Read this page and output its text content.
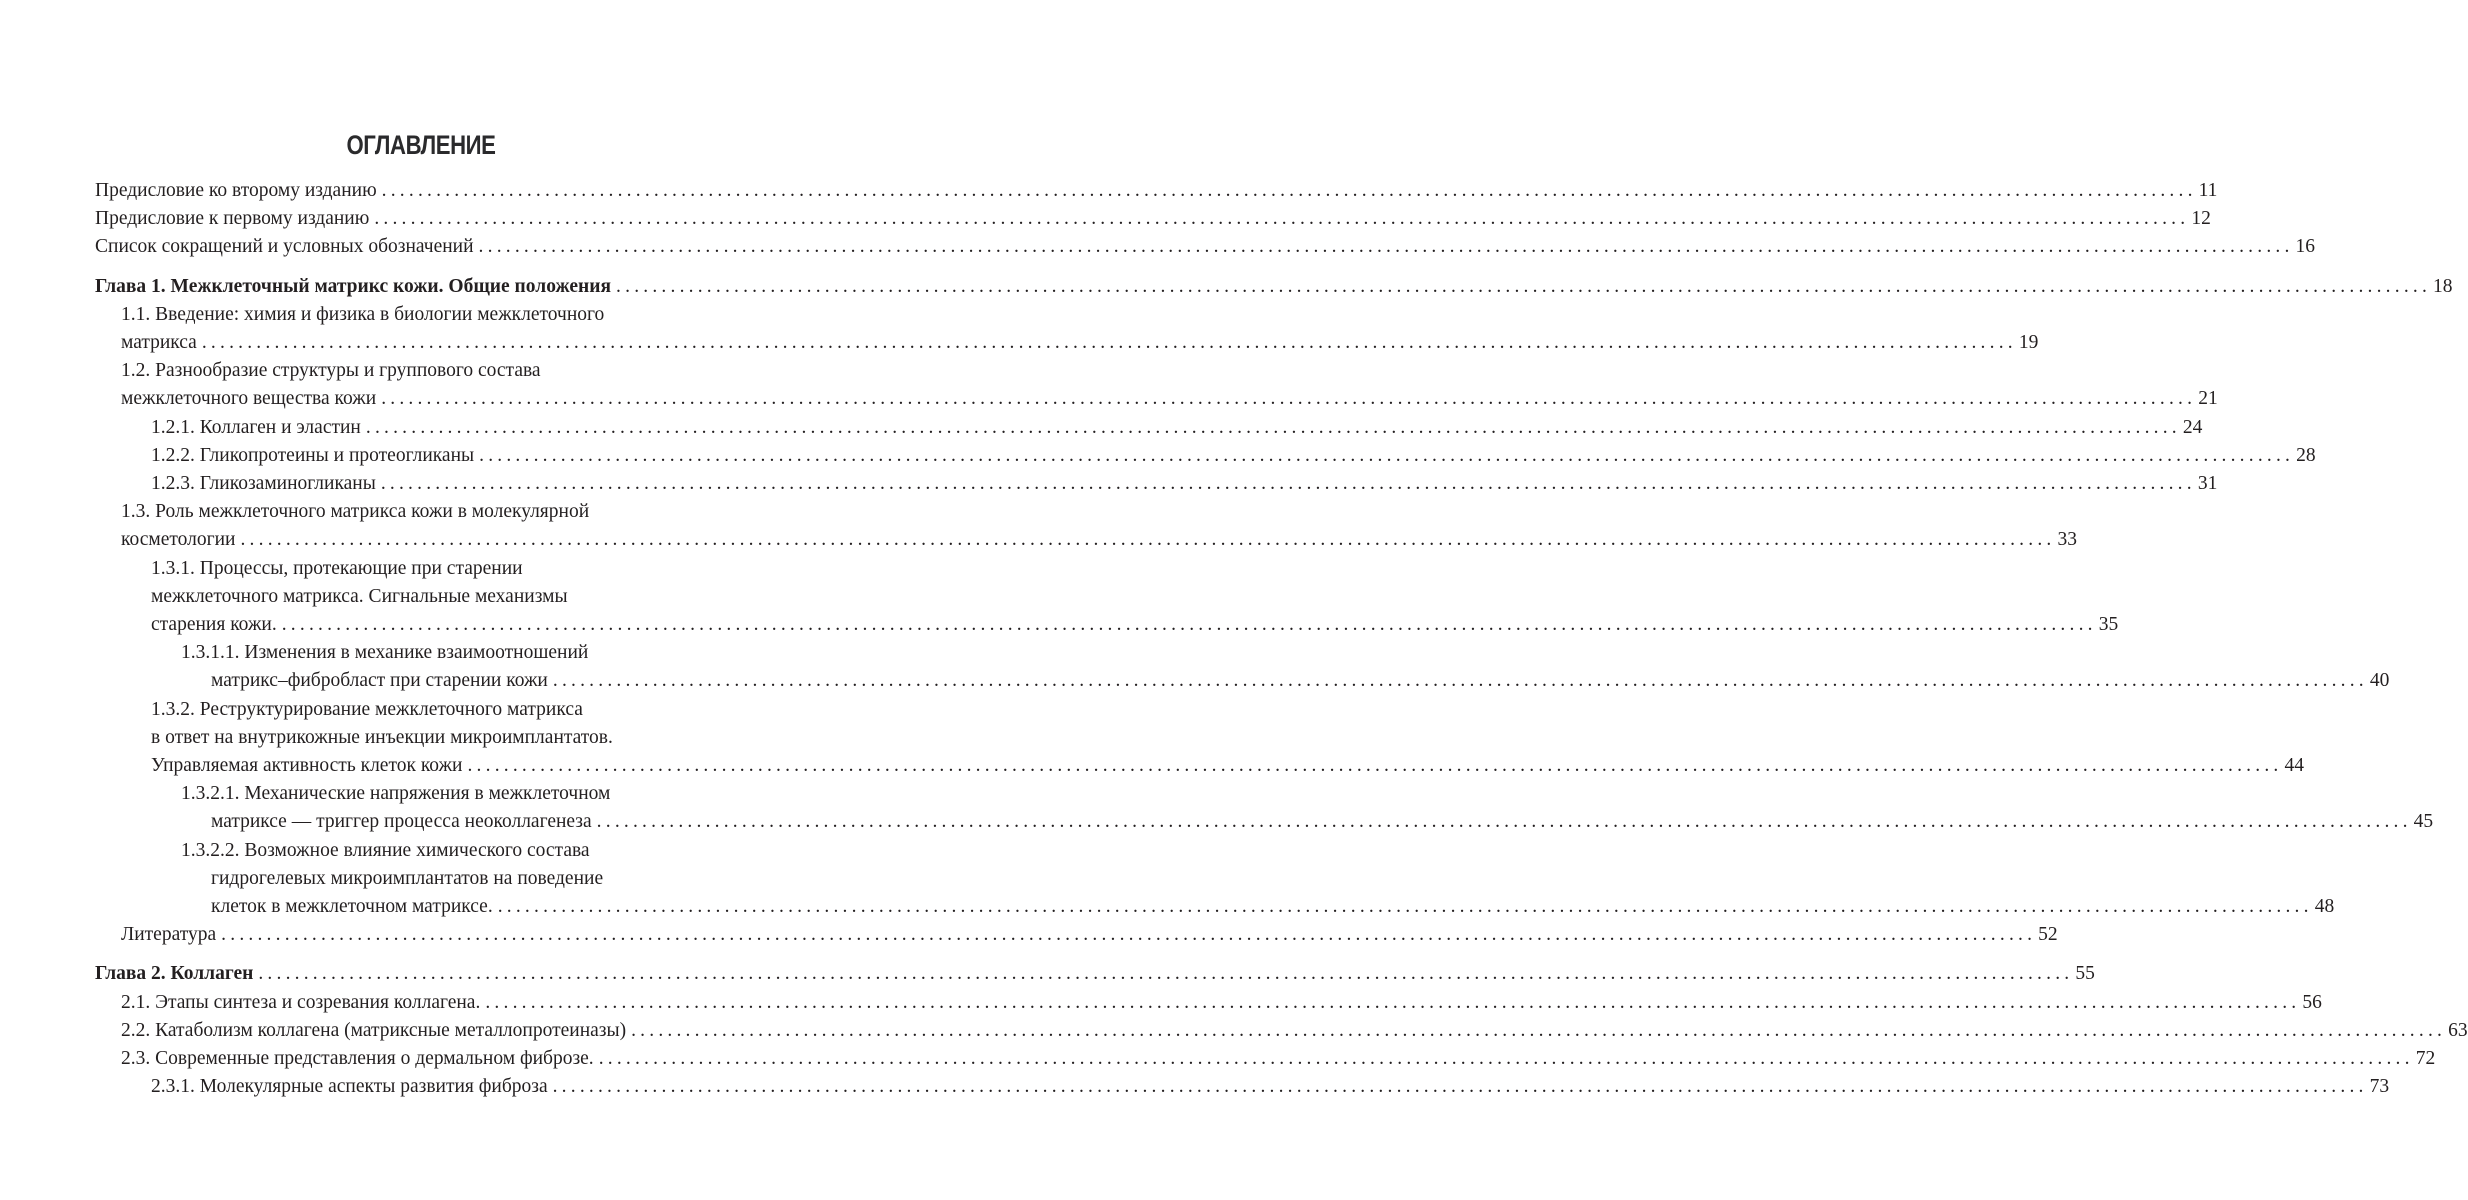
ОГЛАВЛЕНИЕ
Предисловие ко второму изданию ........................................................................................................................................................................................................ 11
Предисловие к первому изданию ........................................................................................................................................................................................................ 12
Список сокращений и условных обозначений ........................................................................................................................................................................................................ 16
Глава 1. Межклеточный матрикс кожи. Общие положения ........................................................................................................................................................................................................ 18
1.1. Введение: химия и физика в биологии межклеточного
матрикса ........................................................................................................................................................................................................ 19
1.2. Разнообразие структуры и группового состава
межклеточного вещества кожи ........................................................................................................................................................................................................ 21
1.2.1. Коллаген и эластин ........................................................................................................................................................................................................ 24
1.2.2. Гликопротеины и протеогликаны ........................................................................................................................................................................................................ 28
1.2.3. Гликозаминогликаны ........................................................................................................................................................................................................ 31
1.3. Роль межклеточного матрикса кожи в молекулярной
косметологии ........................................................................................................................................................................................................ 33
1.3.1. Процессы, протекающие при старении
межклеточного матрикса. Сигнальные механизмы
старения кожи. ........................................................................................................................................................................................................ 35
1.3.1.1. Изменения в механике взаимоотношений
матрикс–фибробласт при старении кожи ........................................................................................................................................................................................................ 40
1.3.2. Реструктурирование межклеточного матрикса
в ответ на внутрикожные инъекции микроимплантатов.
Управляемая активность клеток кожи ........................................................................................................................................................................................................ 44
1.3.2.1. Механические напряжения в межклеточном
матриксе — триггер процесса неоколлагенеза ........................................................................................................................................................................................................ 45
1.3.2.2. Возможное влияние химического состава
гидрогелевых микроимплантатов на поведение
клеток в межклеточном матриксе. ........................................................................................................................................................................................................ 48
Литература ........................................................................................................................................................................................................ 52
Глава 2. Коллаген ........................................................................................................................................................................................................ 55
2.1. Этапы синтеза и созревания коллагена. ........................................................................................................................................................................................................ 56
2.2. Катаболизм коллагена (матриксные металлопротеиназы) ........................................................................................................................................................................................................ 63
2.3. Современные представления о дермальном фиброзе. ........................................................................................................................................................................................................ 72
2.3.1. Молекулярные аспекты развития фиброза ........................................................................................................................................................................................................ 73
